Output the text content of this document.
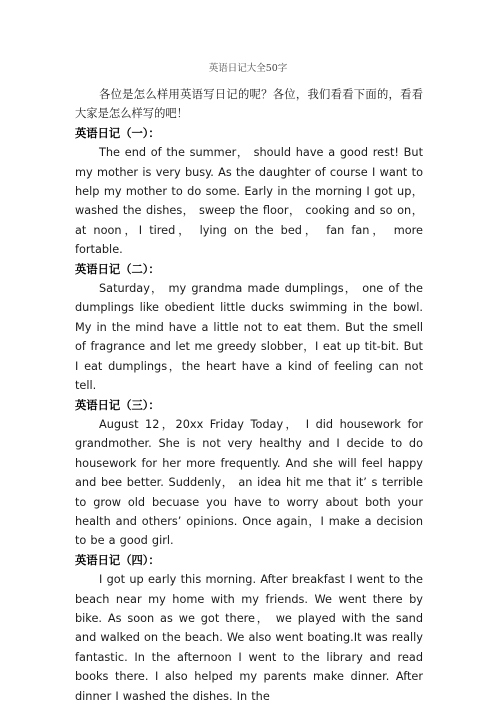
英语日记大全50字

各位是怎么样用英语写日记的呢？各位，我们看看下面的，看看大家是怎么样写的吧！

英语日记（一）：

The end of the summer， should have a good rest! But my mother is very busy. As the daughter of course I want to help my mother to do some. Early in the morning I got up， washed the dishes， sweep the floor， cooking and so on， at noon，I tired， lying on the bed， fan fan， more fortable.

英语日记（二）：

Saturday， my grandma made dumplings， one of the dumplings like obedient little ducks swimming in the bowl. My in the mind have a little not to eat them. But the smell of fragrance and let me greedy slobber，I eat up tit-bit. But I eat dumplings，the heart have a kind of feeling can not tell.

英语日记（三）：

August 12，20xx Friday Today， I did housework for grandmother. She is not very healthy and I decide to do housework for her more frequently. And she will feel happy and bee better. Suddenly， an idea hit me that it’ s terrible to grow old becuase you have to worry about both your health and others’ opinions. Once again，I make a decision to be a good girl.

英语日记（四）：

I got up early this morning. After breakfast I went to the beach near my home with my friends. We went there by bike. As soon as we got there， we played with the sand and walked on the beach. We also went boating.It was really fantastic. In the afternoon I went to the library and read books there. I also helped my parents make dinner. After dinner I washed the dishes. In the
